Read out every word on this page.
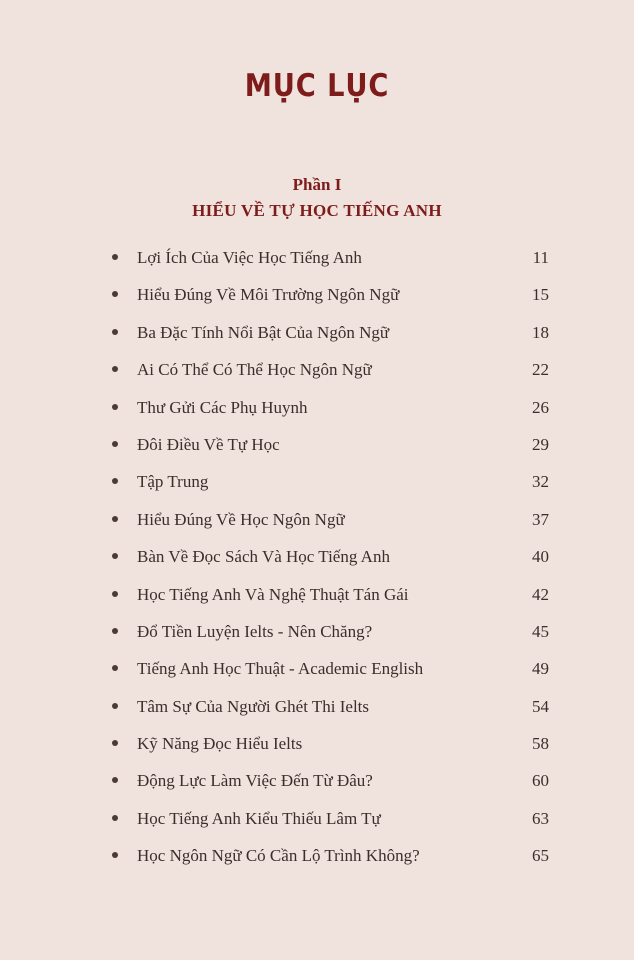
MỤC LỤC
Phần I
HIỂU VỀ TỰ HỌC TIẾNG ANH
Lợi Ích Của Việc Học Tiếng Anh	11
Hiểu Đúng Về Môi Trường Ngôn Ngữ	15
Ba Đặc Tính Nổi Bật Của Ngôn Ngữ	18
Ai Có Thể Có Thể Học Ngôn Ngữ	22
Thư Gửi Các Phụ Huynh	26
Đôi Điều Về Tự Học	29
Tập Trung	32
Hiểu Đúng Về Học Ngôn Ngữ	37
Bàn Về Đọc Sách Và Học Tiếng Anh	40
Học Tiếng Anh Và Nghệ Thuật Tán Gái	42
Đổ Tiền Luyện Ielts - Nên Chăng?	45
Tiếng Anh Học Thuật - Academic English	49
Tâm Sự Của Người Ghét Thi Ielts	54
Kỹ Năng Đọc Hiểu Ielts	58
Động Lực Làm Việc Đến Từ Đâu?	60
Học Tiếng Anh Kiểu Thiếu Lâm Tự	63
Học Ngôn Ngữ Có Cần Lộ Trình Không?	65
